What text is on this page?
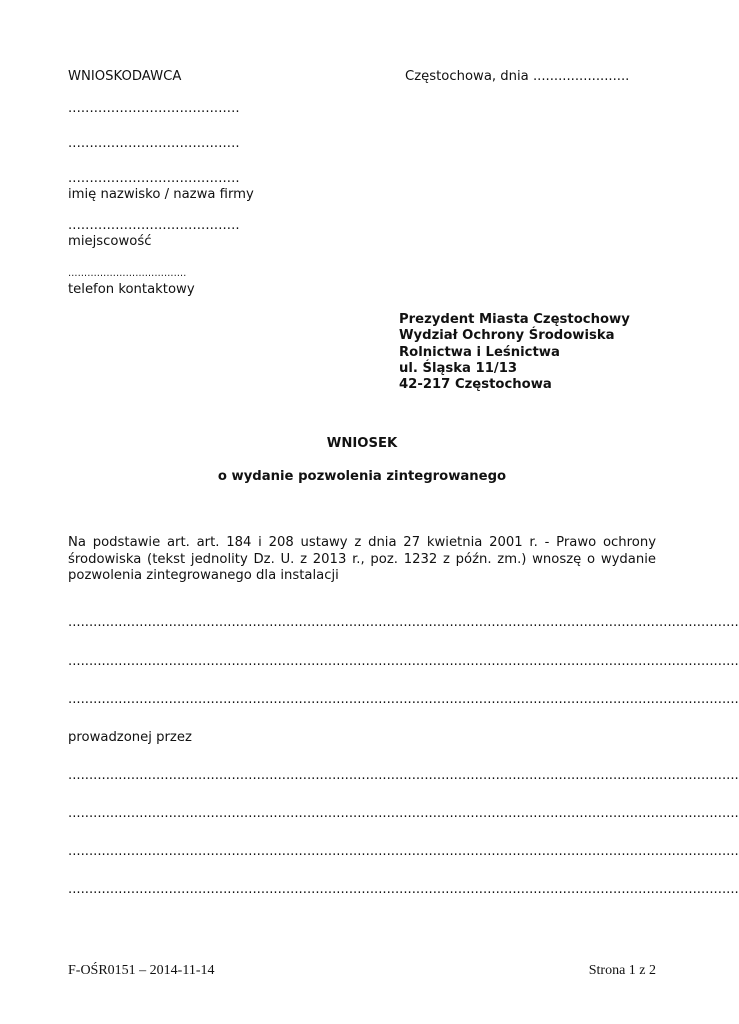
WNIOSKODAWCA	Częstochowa, dnia .......................
........................................
........................................
........................................
imię nazwisko / nazwa firmy
........................................
miejscowość
……………………………….
telefon kontaktowy
Prezydent Miasta Częstochowy
Wydział Ochrony Środowiska
Rolnictwa i Leśnictwa
ul. Śląska 11/13
42-217 Częstochowa
WNIOSEK
o wydanie pozwolenia zintegrowanego
Na podstawie art. art. 184 i 208 ustawy z dnia 27 kwietnia 2001 r. - Prawo ochrony
środowiska (tekst jednolity Dz. U. z 2013 r., poz. 1232 z późn. zm.) wnoszę o wydanie
pozwolenia zintegrowanego dla instalacji
................................................................................................................................................................
................................................................................................................................................................
................................................................................................................................................................
prowadzonej przez
................................................................................................................................................................
................................................................................................................................................................
................................................................................................................................................................
................................................................................................................................................................
F-OŚR0151 – 2014-11-14	Strona 1 z 2
